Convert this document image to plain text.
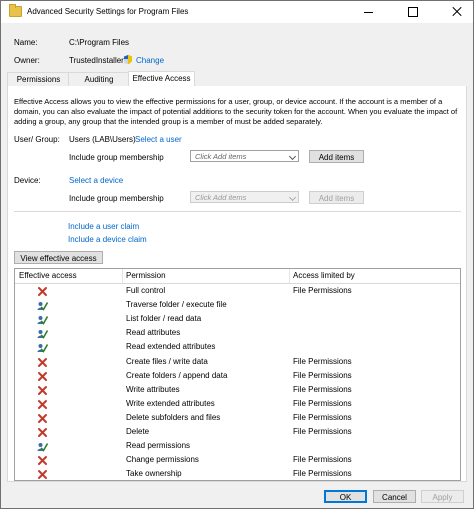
Advanced Security Settings for Program Files
Name:	C:\Program Files
Owner:	TrustedInstaller Change
Permissions	Auditing	Effective Access
Effective Access allows you to view the effective permissions for a user, group, or device account. If the account is a member of a domain, you can also evaluate the impact of potential additions to the security token for the account. When you evaluate the impact of adding a group, any group that the intended group is a member of must be added separately.
User/ Group: Users (LAB\Users) Select a user
Include group membership	Click Add items	Add items
Device:	Select a device
Include group membership	Click Add items	Add items
Include a user claim
Include a device claim
View effective access
Effective access	Permission	Access limited by
Full control	File Permissions
Traverse folder / execute file
List folder / read data
Read attributes
Read extended attributes
Create files / write data	File Permissions
Create folders / append data	File Permissions
Write attributes	File Permissions
Write extended attributes	File Permissions
Delete subfolders and files	File Permissions
Delete	File Permissions
Read permissions
Change permissions	File Permissions
Take ownership	File Permissions
OK	Cancel	Apply
